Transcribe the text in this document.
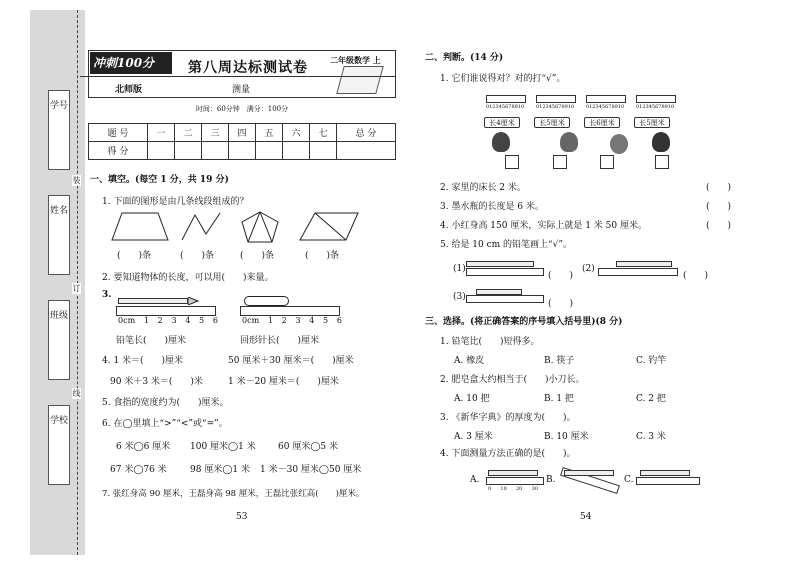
学号
姓名
班级
学校
装
订
线
冲刺100分
达标测试卷
第八周达标测试卷	二年级数学 上
北师版	测量
时间：60分钟　满分：100分
题 号	一	二	三	四	五	六	七	总 分
得 分								
一、填空。(每空 1 分，共 19 分)
1. 下面的图形是由几条线段组成的？
(　　)条	(　　)条	(　　)条	(　　)条
2. 要知道物体的长度，可以用(　　)来量。
3.
0cm 1 2 3 4 5 6	0cm 1 2 3 4 5 6
铅笔长(　　)厘米	回形针长(　　)厘米
4. 1 米＝(　　)厘米	50 厘米＋30 厘米＝(　　)厘米
90 米＋3 米＝(　　)米	1 米－20 厘米＝(　　)厘米
5. 食指的宽度约为(　　)厘米。
6. 在◯里填上“>”“<”或“=”。
6 米◯6 厘米 100 厘米◯1 米 60 厘米◯5 米
67 米◯76 米	98 厘米◯1 米 1 米－30 厘米◯50 厘米
7. 张红身高 90 厘米，王磊身高 98 厘米，王磊比张红高(　　)厘米。
53
二、判断。(14 分)
1. 它们谁说得对？对的打“√”。
012345678910
长4厘米
012345678910
长5厘米
012345678910
长6厘米
012345678910
长5厘米
2. 家里的床长 2 米。	(　　)
3. 墨水瓶的长度是 6 米。	(　　)
4. 小红身高 150 厘米，实际上就是 1 米 50 厘米。	(　　)
5. 给是 10 cm 的铅笔画上“√”。
(1)
(　　)
(2)
(　　)
(3)
(　　)
三、选择。(将正确答案的序号填入括号里)(8 分)
1. 铅笔比(　　)短得多。
A. 橡皮	B. 筷子	C. 钓竿
2. 肥皂盒大约相当于(　　)小刀长。
A. 10 把	B. 1 把	C. 2 把
3. 《新华字典》的厚度为(　　)。
A. 3 厘米	B. 10 厘米	C. 3 米
4. 下面测量方法正确的是(　　)。
A.
0 10 20 30
B.	C.
54
